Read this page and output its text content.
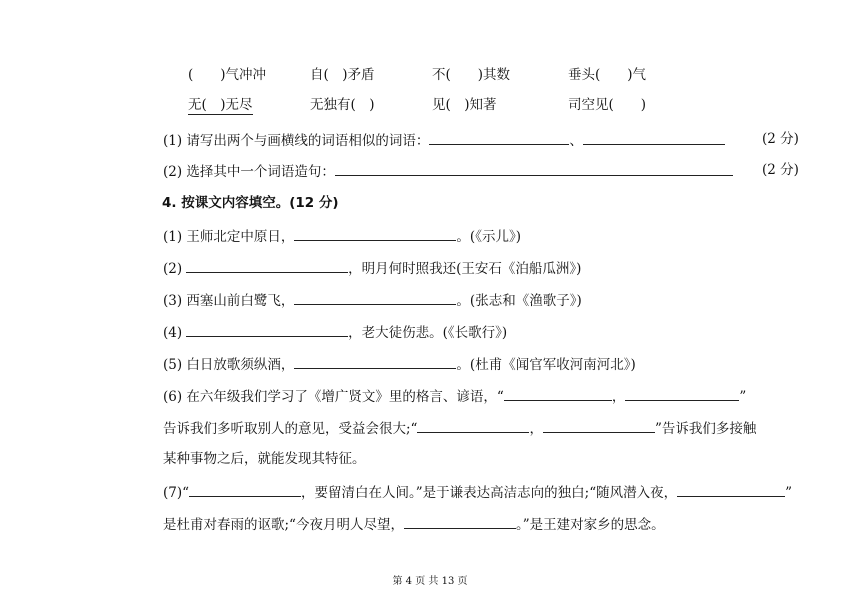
(　　)气冲冲	自(　)矛盾	不(　　)其数	垂头(　　)气
无(　)无尽	无独有(　)	见(　)知著	司空见(　　)
(1) 请写出两个与画横线的词语相似的词语：	、	(2 分)
(2) 选择其中一个词语造句：	(2 分)
4. 按课文内容填空。(12 分)
(1) 王师北定中原日，	。(《示儿》)
(2)	，明月何时照我还(王安石《泊船瓜洲》)
(3) 西塞山前白鹭飞，	。(张志和《渔歌子》)
(4)	，老大徒伤悲。(《长歌行》)
(5) 白日放歌须纵酒，	。(杜甫《闻官军收河南河北》)
(6) 在六年级我们学习了《增广贤文》里的格言、谚语，“	，	”
告诉我们多听取别人的意见，受益会很大;“	，	”告诉我们多接触
某种事物之后，就能发现其特征。
(7)“	，要留清白在人间。”是于谦表达高洁志向的独白;“随风潜入夜，	”
是杜甫对春雨的讴歌;“今夜月明人尽望，	。”是王建对家乡的思念。
第 4 页 共 13 页
